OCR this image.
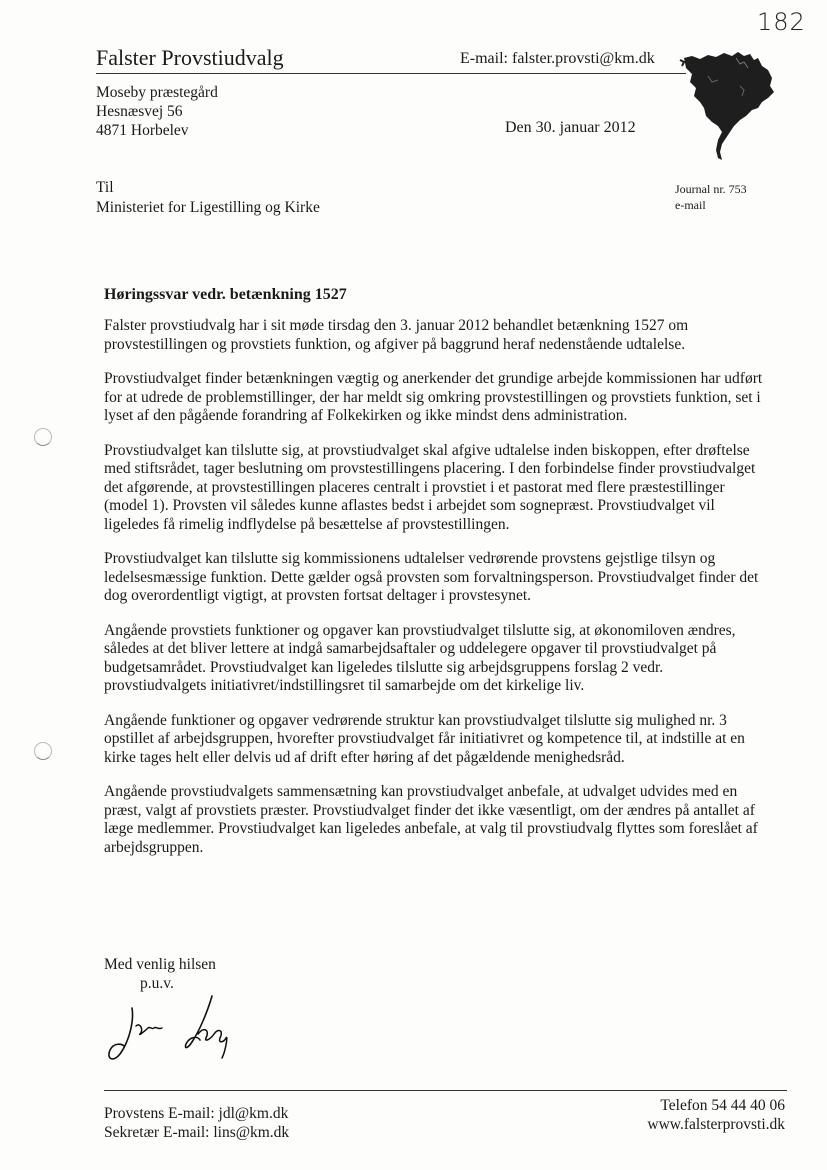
182
Falster Provstiudvalg	E-mail: falster.provsti@km.dk
Moseby præstegård
Hesnæsvej 56
4871 Horbelev	Den 30. januar 2012
Til
Ministeriet for Ligestilling og Kirke
Journal nr. 753
e-mail
Høringssvar vedr. betænkning 1527

Falster provstiudvalg har i sit møde tirsdag den 3. januar 2012 behandlet betænkning 1527 om provstestillingen og provstiets funktion, og afgiver på baggrund heraf nedenstående udtalelse.

Provstiudvalget finder betænkningen vægtig og anerkender det grundige arbejde kommissionen har udført for at udrede de problemstillinger, der har meldt sig omkring provstestillingen og provstiets funktion, set i lyset af den pågående forandring af Folkekirken og ikke mindst dens administration.

Provstiudvalget kan tilslutte sig, at provstiudvalget skal afgive udtalelse inden biskoppen, efter drøftelse med stiftsrådet, tager beslutning om provstestillingens placering. I den forbindelse finder provstiudvalget det afgørende, at provstestillingen placeres centralt i provstiet i et pastorat med flere præstestillinger (model 1). Provsten vil således kunne aflastes bedst i arbejdet som sognepræst. Provstiudvalget vil ligeledes få rimelig indflydelse på besættelse af provstestillingen.

Provstiudvalget kan tilslutte sig kommissionens udtalelser vedrørende provstens gejstlige tilsyn og ledelsesmæssige funktion. Dette gælder også provsten som forvaltningsperson. Provstiudvalget finder det dog overordentligt vigtigt, at provsten fortsat deltager i provstesynet.

Angående provstiets funktioner og opgaver kan provstiudvalget tilslutte sig, at økonomiloven ændres, således at det bliver lettere at indgå samarbejdsaftaler og uddelegere opgaver til provstiudvalget på budgetsamrådet. Provstiudvalget kan ligeledes tilslutte sig arbejdsgruppens forslag 2 vedr. provstiudvalgets initiativret/indstillingsret til samarbejde om det kirkelige liv.

Angående funktioner og opgaver vedrørende struktur kan provstiudvalget tilslutte sig mulighed nr. 3 opstillet af arbejdsgruppen, hvorefter provstiudvalget får initiativret og kompetence til, at indstille at en kirke tages helt eller delvis ud af drift efter høring af det pågældende menighedsråd.

Angående provstiudvalgets sammensætning kan provstiudvalget anbefale, at udvalget udvides med en præst, valgt af provstiets præster. Provstiudvalget finder det ikke væsentligt, om der ændres på antallet af læge medlemmer. Provstiudvalget kan ligeledes anbefale, at valg til provstiudvalg flyttes som foreslået af arbejdsgruppen.

Med venlig hilsen
p.u.v.
Provstens E-mail: jdl@km.dk
Sekretær E-mail: lins@km.dk
Telefon 54 44 40 06
www.falsterprovsti.dk
